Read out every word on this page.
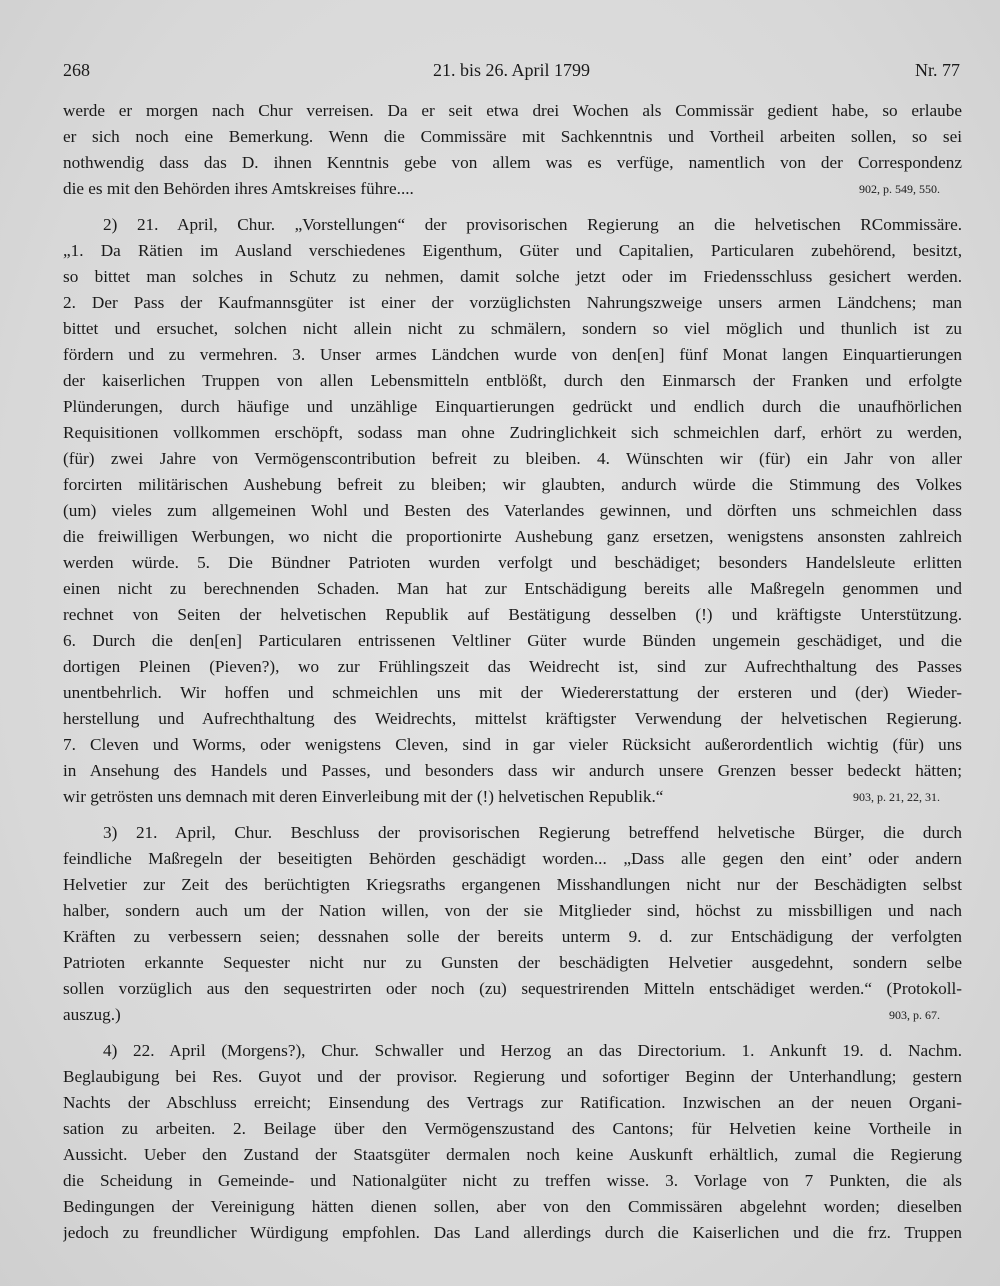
268	21. bis 26. April 1799	Nr. 77
werde er morgen nach Chur verreisen. Da er seit etwa drei Wochen als Commissär gedient habe, so erlaube
er sich noch eine Bemerkung. Wenn die Commissäre mit Sachkenntnis und Vortheil arbeiten sollen, so sei
nothwendig dass das D. ihnen Kenntnis gebe von allem was es verfüge, namentlich von der Correspondenz
die es mit den Behörden ihres Amtskreises führe....	902, p. 549, 550.
2) 21. April, Chur. „Vorstellungen“ der provisorischen Regierung an die helvetischen RCommissäre.
„1. Da Rätien im Ausland verschiedenes Eigenthum, Güter und Capitalien, Particularen zubehörend, besitzt,
so bittet man solches in Schutz zu nehmen, damit solche jetzt oder im Friedensschluss gesichert werden.
2. Der Pass der Kaufmannsgüter ist einer der vorzüglichsten Nahrungszweige unsers armen Ländchens; man
bittet und ersuchet, solchen nicht allein nicht zu schmälern, sondern so viel möglich und thunlich ist zu
fördern und zu vermehren. 3. Unser armes Ländchen wurde von den[en] fünf Monat langen Einquartierungen
der kaiserlichen Truppen von allen Lebensmitteln entblößt, durch den Einmarsch der Franken und erfolgte
Plünderungen, durch häufige und unzählige Einquartierungen gedrückt und endlich durch die unaufhörlichen
Requisitionen vollkommen erschöpft, sodass man ohne Zudringlichkeit sich schmeichlen darf, erhört zu werden,
(für) zwei Jahre von Vermögenscontribution befreit zu bleiben. 4. Wünschten wir (für) ein Jahr von aller
forcirten militärischen Aushebung befreit zu bleiben; wir glaubten, andurch würde die Stimmung des Volkes
(um) vieles zum allgemeinen Wohl und Besten des Vaterlandes gewinnen, und dörften uns schmeichlen dass
die freiwilligen Werbungen, wo nicht die proportionirte Aushebung ganz ersetzen, wenigstens ansonsten zahlreich
werden würde. 5. Die Bündner Patrioten wurden verfolgt und beschädiget; besonders Handelsleute erlitten
einen nicht zu berechnenden Schaden. Man hat zur Entschädigung bereits alle Maßregeln genommen und
rechnet von Seiten der helvetischen Republik auf Bestätigung desselben (!) und kräftigste Unterstützung.
6. Durch die den[en] Particularen entrissenen Veltliner Güter wurde Bünden ungemein geschädiget, und die
dortigen Pleinen (Pieven?), wo zur Frühlingszeit das Weidrecht ist, sind zur Aufrechthaltung des Passes
unentbehrlich. Wir hoffen und schmeichlen uns mit der Wiedererstattung der ersteren und (der) Wieder-
herstellung und Aufrechthaltung des Weidrechts, mittelst kräftigster Verwendung der helvetischen Regierung.
7. Cleven und Worms, oder wenigstens Cleven, sind in gar vieler Rücksicht außerordentlich wichtig (für) uns
in Ansehung des Handels und Passes, und besonders dass wir andurch unsere Grenzen besser bedeckt hätten;
wir getrösten uns demnach mit deren Einverleibung mit der (!) helvetischen Republik.“	903, p. 21, 22, 31.
3) 21. April, Chur. Beschluss der provisorischen Regierung betreffend helvetische Bürger, die durch
feindliche Maßregeln der beseitigten Behörden geschädigt worden... „Dass alle gegen den eint’ oder andern
Helvetier zur Zeit des berüchtigten Kriegsraths ergangenen Misshandlungen nicht nur der Beschädigten selbst
halber, sondern auch um der Nation willen, von der sie Mitglieder sind, höchst zu missbilligen und nach
Kräften zu verbessern seien; dessnahen solle der bereits unterm 9. d. zur Entschädigung der verfolgten
Patrioten erkannte Sequester nicht nur zu Gunsten der beschädigten Helvetier ausgedehnt, sondern selbe
sollen vorzüglich aus den sequestrirten oder noch (zu) sequestrirenden Mitteln entschädiget werden.“ (Protokoll-
auszug.)	903, p. 67.
4) 22. April (Morgens?), Chur. Schwaller und Herzog an das Directorium. 1. Ankunft 19. d. Nachm.
Beglaubigung bei Res. Guyot und der provisor. Regierung und sofortiger Beginn der Unterhandlung; gestern
Nachts der Abschluss erreicht; Einsendung des Vertrags zur Ratification. Inzwischen an der neuen Organi-
sation zu arbeiten. 2. Beilage über den Vermögenszustand des Cantons; für Helvetien keine Vortheile in
Aussicht. Ueber den Zustand der Staatsgüter dermalen noch keine Auskunft erhältlich, zumal die Regierung
die Scheidung in Gemeinde- und Nationalgüter nicht zu treffen wisse. 3. Vorlage von 7 Punkten, die als
Bedingungen der Vereinigung hätten dienen sollen, aber von den Commissären abgelehnt worden; dieselben
jedoch zu freundlicher Würdigung empfohlen. Das Land allerdings durch die Kaiserlichen und die frz. Truppen
